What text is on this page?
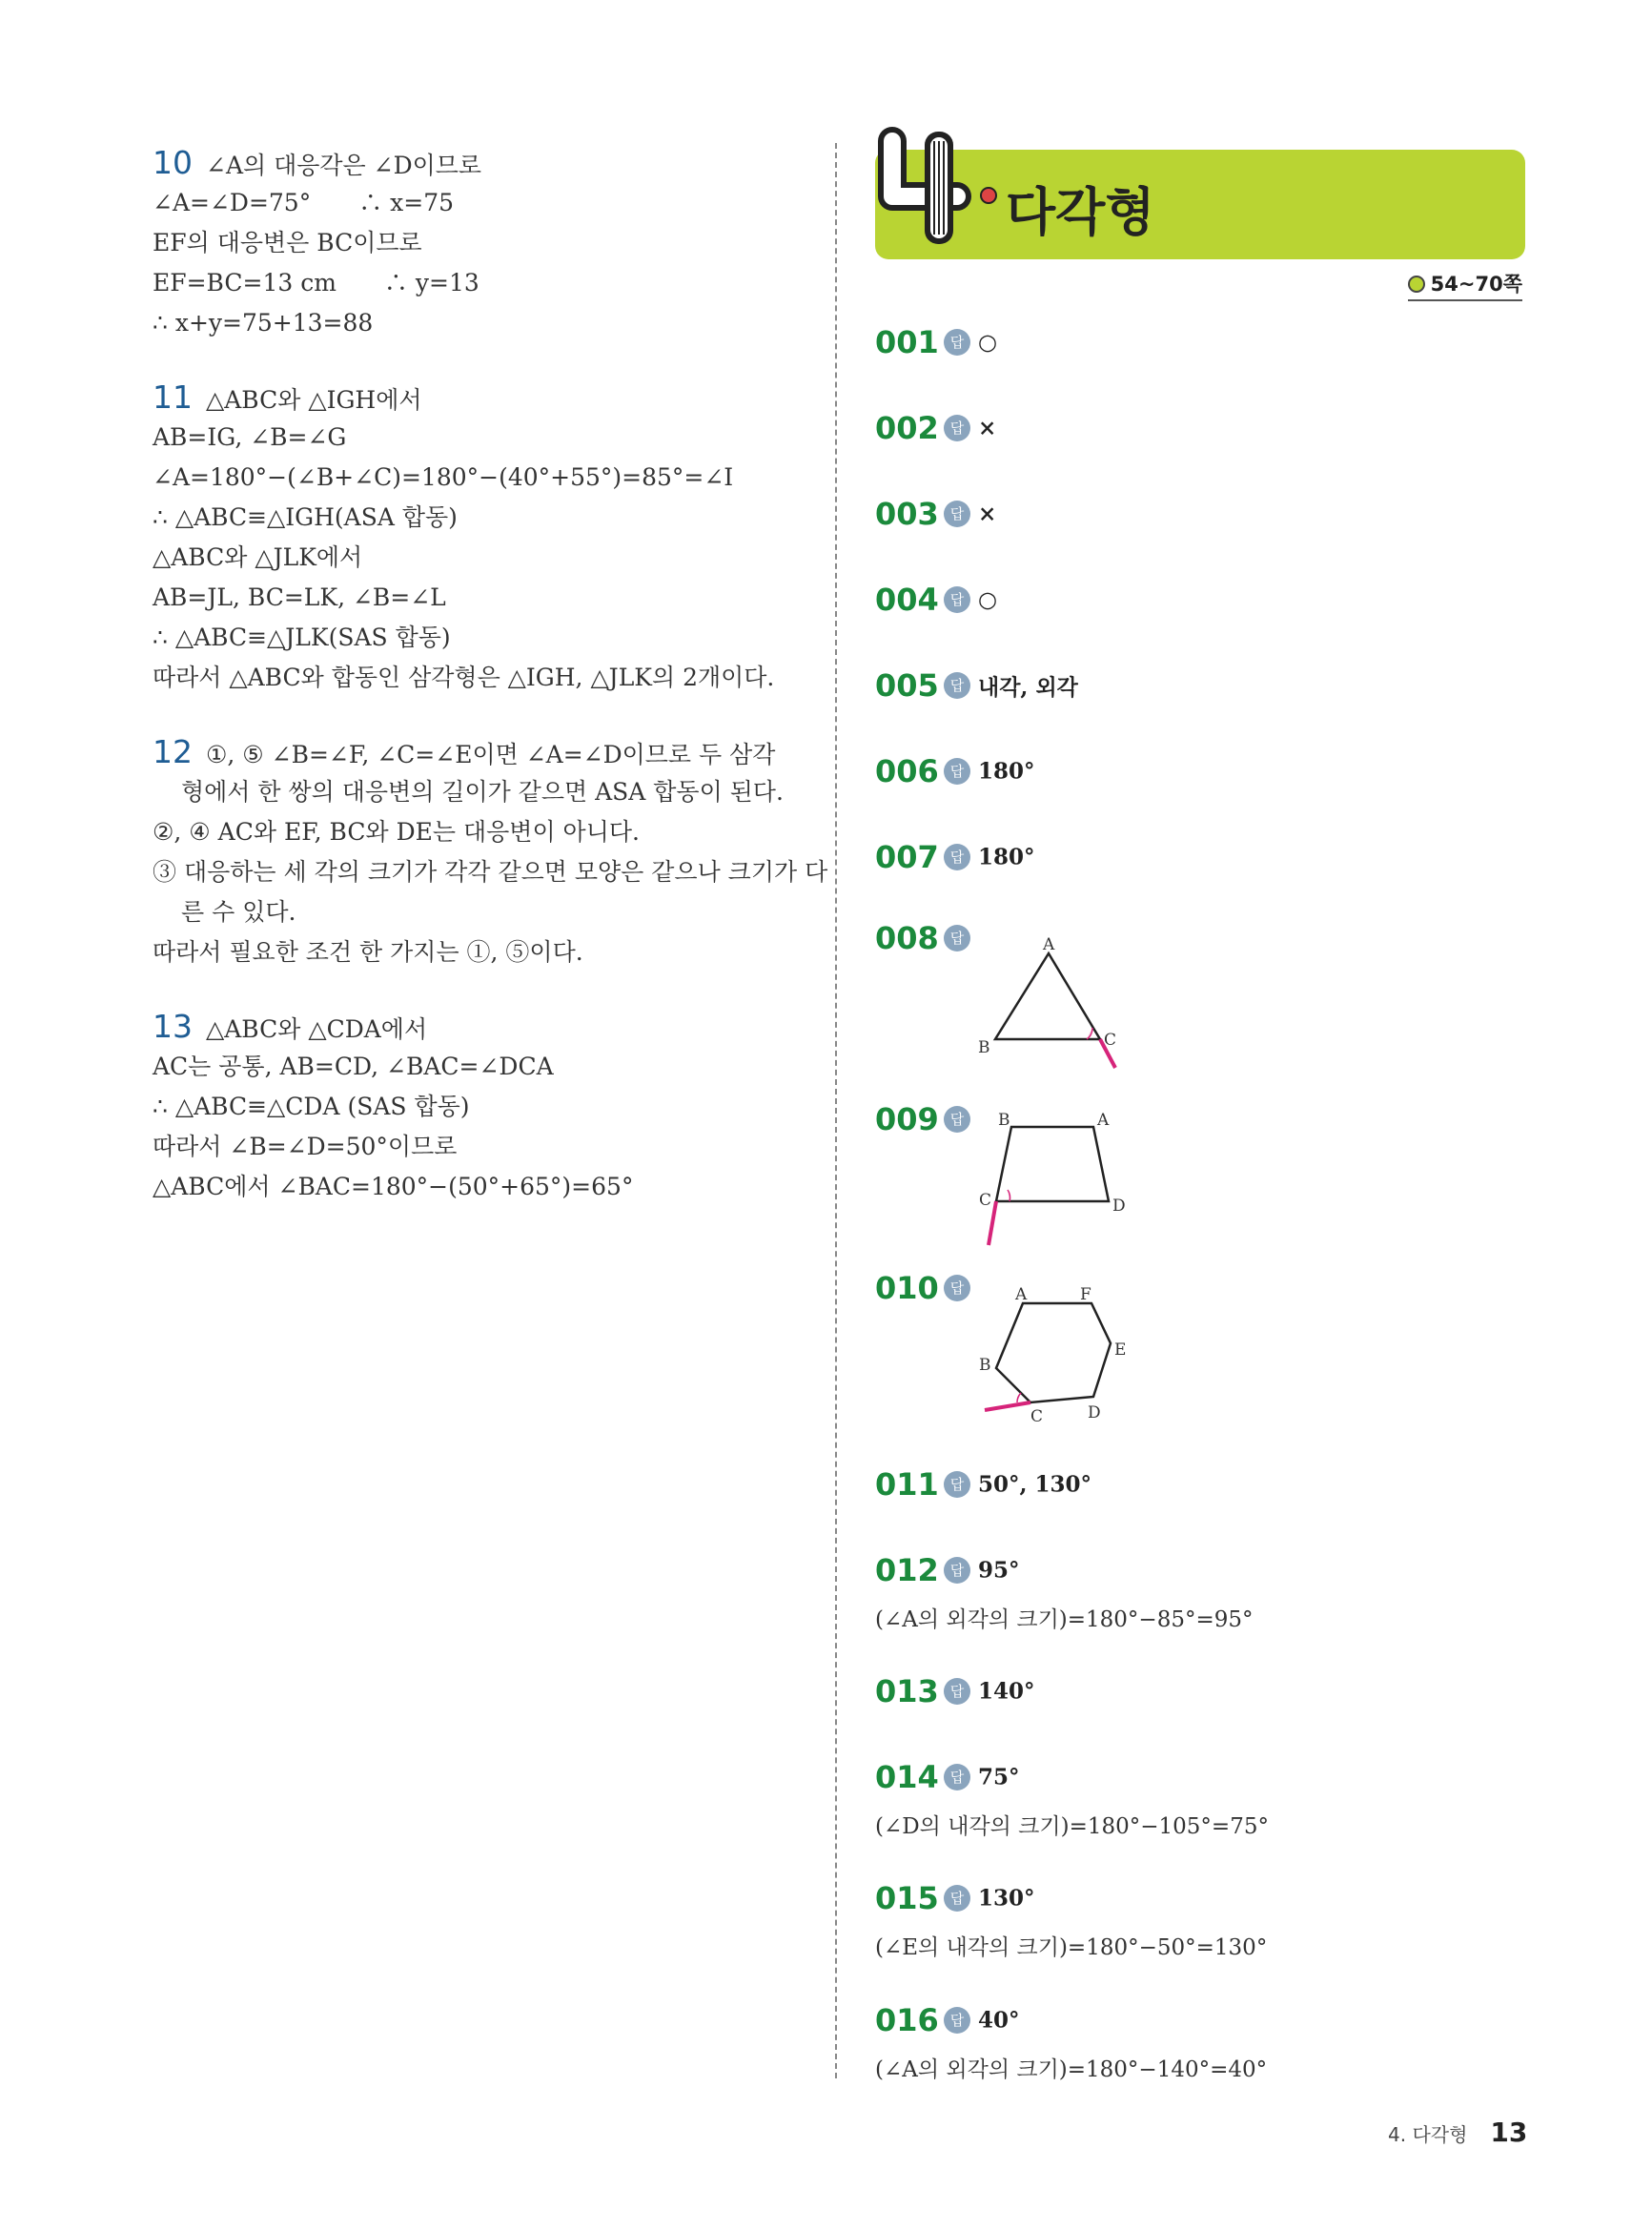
10 ∠A의 대응각은 ∠D이므로
∠A=∠D=75°　　∴ x=75
EF의 대응변은 BC이므로
EF=BC=13 cm　　∴ y=13
∴ x+y=75+13=88
11 △ABC와 △IGH에서
AB=IG, ∠B=∠G
∠A=180°−(∠B+∠C)=180°−(40°+55°)=85°=∠I
∴ △ABC≡△IGH(ASA 합동)
△ABC와 △JLK에서
AB=JL, BC=LK, ∠B=∠L
∴ △ABC≡△JLK(SAS 합동)
따라서 △ABC와 합동인 삼각형은 △IGH, △JLK의 2개이다.
12 ①, ⑤ ∠B=∠F, ∠C=∠E이면 ∠A=∠D이므로 두 삼각
형에서 한 쌍의 대응변의 길이가 같으면 ASA 합동이 된다.
②, ④ AC와 EF, BC와 DE는 대응변이 아니다.
③ 대응하는 세 각의 크기가 각각 같으면 모양은 같으나 크기가 다
른 수 있다.
따라서 필요한 조건 한 가지는 ①, ⑤이다.
13 △ABC와 △CDA에서
AC는 공통, AB=CD, ∠BAC=∠DCA
∴ △ABC≡△CDA (SAS 합동)
따라서 ∠B=∠D=50°이므로
△ABC에서 ∠BAC=180°−(50°+65°)=65°
다각형
54~70쪽
001 답 ○
002 답 ×
003 답 ×
004 답 ○
005 답 내각, 외각
006 답 180°
007 답 180°
008 답	A
B	C
009 답	B	A
C	D
010 답	A	F
E
B
C	D
011 답 50°, 130°
012 답 95°
(∠A의 외각의 크기)=180°−85°=95°
013 답 140°
014 답 75°
(∠D의 내각의 크기)=180°−105°=75°
015 답 130°
(∠E의 내각의 크기)=180°−50°=130°
016 답 40°
(∠A의 외각의 크기)=180°−140°=40°
4. 다각형 13
